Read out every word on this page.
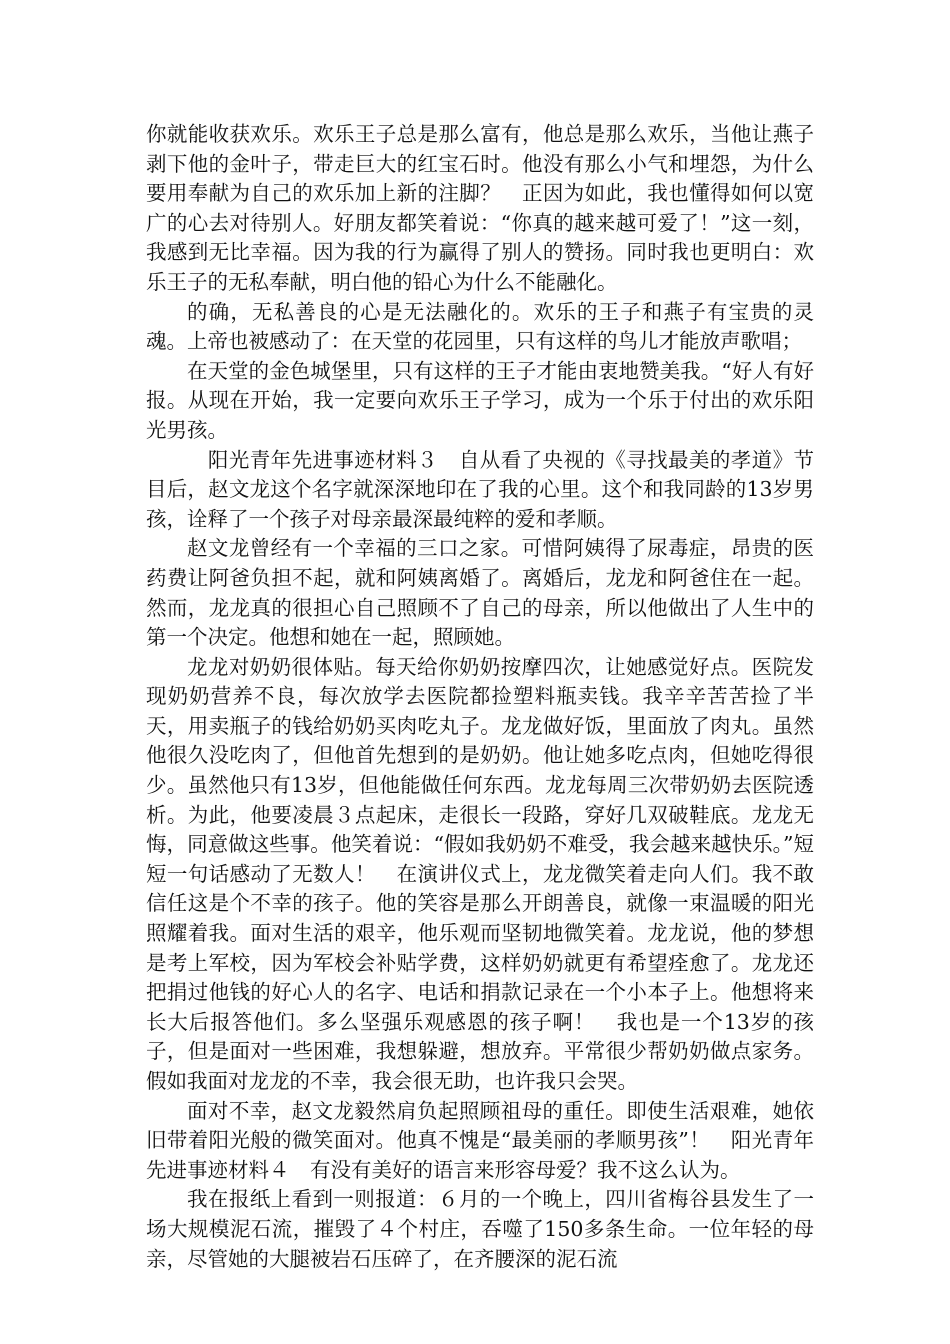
你就能收获欢乐。欢乐王子总是那么富有，他总是那么欢乐，当他让燕子剥下他的金叶子，带走巨大的红宝石时。他没有那么小气和埋怨，为什么要用奉献为自己的欢乐加上新的注脚？　正因为如此，我也懂得如何以宽广的心去对待别人。好朋友都笑着说：“你真的越来越可爱了！”这一刻，我感到无比幸福。因为我的行为赢得了别人的赞扬。同时我也更明白：欢乐王子的无私奉献，明白他的铅心为什么不能融化。

的确，无私善良的心是无法融化的。欢乐的王子和燕子有宝贵的灵魂。上帝也被感动了：在天堂的花园里，只有这样的鸟儿才能放声歌唱；

在天堂的金色城堡里，只有这样的王子才能由衷地赞美我。“好人有好报。从现在开始，我一定要向欢乐王子学习，成为一个乐于付出的欢乐阳光男孩。

　阳光青年先进事迹材料３　自从看了央视的《寻找最美的孝道》节目后，赵文龙这个名字就深深地印在了我的心里。这个和我同龄的13岁男孩，诠释了一个孩子对母亲最深最纯粹的爱和孝顺。

赵文龙曾经有一个幸福的三口之家。可惜阿姨得了尿毒症，昂贵的医药费让阿爸负担不起，就和阿姨离婚了。离婚后，龙龙和阿爸住在一起。然而，龙龙真的很担心自己照顾不了自己的母亲，所以他做出了人生中的第一个决定。他想和她在一起，照顾她。

龙龙对奶奶很体贴。每天给你奶奶按摩四次，让她感觉好点。医院发现奶奶营养不良，每次放学去医院都捡塑料瓶卖钱。我辛辛苦苦捡了半天，用卖瓶子的钱给奶奶买肉吃丸子。龙龙做好饭，里面放了肉丸。虽然他很久没吃肉了，但他首先想到的是奶奶。他让她多吃点肉，但她吃得很少。虽然他只有13岁，但他能做任何东西。龙龙每周三次带奶奶去医院透析。为此，他要凌晨３点起床，走很长一段路，穿好几双破鞋底。龙龙无悔，同意做这些事。他笑着说：“假如我奶奶不难受，我会越来越快乐。”短短一句话感动了无数人！　在演讲仪式上，龙龙微笑着走向人们。我不敢信任这是个不幸的孩子。他的笑容是那么开朗善良，就像一束温暖的阳光照耀着我。面对生活的艰辛，他乐观而坚韧地微笑着。龙龙说，他的梦想是考上军校，因为军校会补贴学费，这样奶奶就更有希望痊愈了。龙龙还把捐过他钱的好心人的名字、电话和捐款记录在一个小本子上。他想将来长大后报答他们。多么坚强乐观感恩的孩子啊！　我也是一个13岁的孩子，但是面对一些困难，我想躲避，想放弃。平常很少帮奶奶做点家务。假如我面对龙龙的不幸，我会很无助，也许我只会哭。

面对不幸，赵文龙毅然肩负起照顾祖母的重任。即使生活艰难，她依旧带着阳光般的微笑面对。他真不愧是“最美丽的孝顺男孩”！　阳光青年先进事迹材料４　有没有美好的语言来形容母爱？我不这么认为。

我在报纸上看到一则报道：６月的一个晚上，四川省梅谷县发生了一场大规模泥石流，摧毁了４个村庄，吞噬了150多条生命。一位年轻的母亲，尽管她的大腿被岩石压碎了，在齐腰深的泥石流
